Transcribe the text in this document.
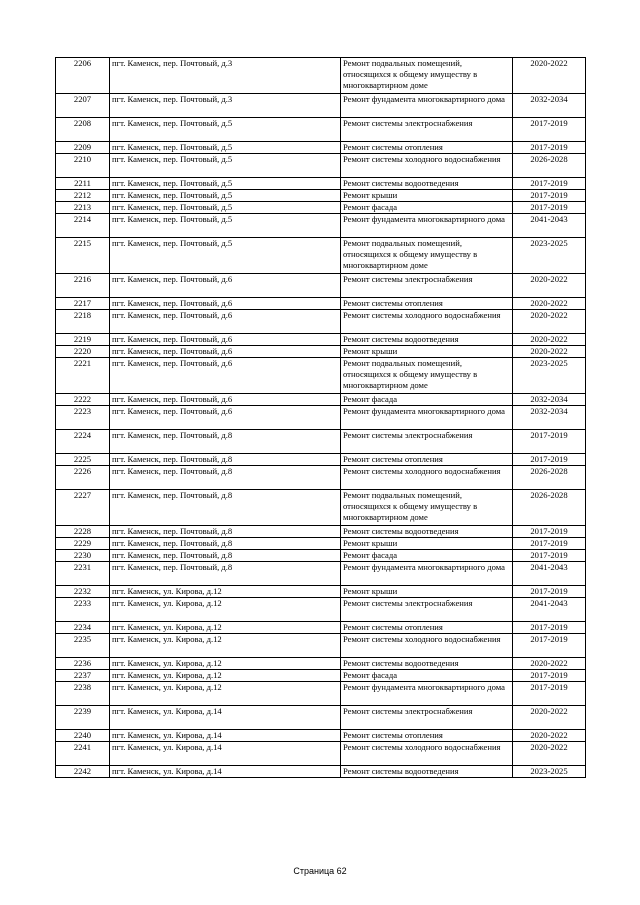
2206	пгт. Каменск, пер. Почтовый, д.3	Ремонт подвальных помещений, относящихся к общему имуществу в многоквартирном доме	2020-2022
2207	пгт. Каменск, пер. Почтовый, д.3	Ремонт фундамента многоквартирного дома	2032-2034
2208	пгт. Каменск, пер. Почтовый, д.5	Ремонт системы электроснабжения	2017-2019
2209	пгт. Каменск, пер. Почтовый, д.5	Ремонт системы отопления	2017-2019
2210	пгт. Каменск, пер. Почтовый, д.5	Ремонт системы холодного водоснабжения	2026-2028
2211	пгт. Каменск, пер. Почтовый, д.5	Ремонт системы водоотведения	2017-2019
2212	пгт. Каменск, пер. Почтовый, д.5	Ремонт крыши	2017-2019
2213	пгт. Каменск, пер. Почтовый, д.5	Ремонт фасада	2017-2019
2214	пгт. Каменск, пер. Почтовый, д.5	Ремонт фундамента многоквартирного дома	2041-2043
2215	пгт. Каменск, пер. Почтовый, д.5	Ремонт подвальных помещений, относящихся к общему имуществу в многоквартирном доме	2023-2025
2216	пгт. Каменск, пер. Почтовый, д.6	Ремонт системы электроснабжения	2020-2022
2217	пгт. Каменск, пер. Почтовый, д.6	Ремонт системы отопления	2020-2022
2218	пгт. Каменск, пер. Почтовый, д.6	Ремонт системы холодного водоснабжения	2020-2022
2219	пгт. Каменск, пер. Почтовый, д.6	Ремонт системы водоотведения	2020-2022
2220	пгт. Каменск, пер. Почтовый, д.6	Ремонт крыши	2020-2022
2221	пгт. Каменск, пер. Почтовый, д.6	Ремонт подвальных помещений, относящихся к общему имуществу в многоквартирном доме	2023-2025
2222	пгт. Каменск, пер. Почтовый, д.6	Ремонт фасада	2032-2034
2223	пгт. Каменск, пер. Почтовый, д.6	Ремонт фундамента многоквартирного дома	2032-2034
2224	пгт. Каменск, пер. Почтовый, д.8	Ремонт системы электроснабжения	2017-2019
2225	пгт. Каменск, пер. Почтовый, д.8	Ремонт системы отопления	2017-2019
2226	пгт. Каменск, пер. Почтовый, д.8	Ремонт системы холодного водоснабжения	2026-2028
2227	пгт. Каменск, пер. Почтовый, д.8	Ремонт подвальных помещений, относящихся к общему имуществу в многоквартирном доме	2026-2028
2228	пгт. Каменск, пер. Почтовый, д.8	Ремонт системы водоотведения	2017-2019
2229	пгт. Каменск, пер. Почтовый, д.8	Ремонт крыши	2017-2019
2230	пгт. Каменск, пер. Почтовый, д.8	Ремонт фасада	2017-2019
2231	пгт. Каменск, пер. Почтовый, д.8	Ремонт фундамента многоквартирного дома	2041-2043
2232	пгт. Каменск, ул. Кирова, д.12	Ремонт крыши	2017-2019
2233	пгт. Каменск, ул. Кирова, д.12	Ремонт системы электроснабжения	2041-2043
2234	пгт. Каменск, ул. Кирова, д.12	Ремонт системы отопления	2017-2019
2235	пгт. Каменск, ул. Кирова, д.12	Ремонт системы холодного водоснабжения	2017-2019
2236	пгт. Каменск, ул. Кирова, д.12	Ремонт системы водоотведения	2020-2022
2237	пгт. Каменск, ул. Кирова, д.12	Ремонт фасада	2017-2019
2238	пгт. Каменск, ул. Кирова, д.12	Ремонт фундамента многоквартирного дома	2017-2019
2239	пгт. Каменск, ул. Кирова, д.14	Ремонт системы электроснабжения	2020-2022
2240	пгт. Каменск, ул. Кирова, д.14	Ремонт системы отопления	2020-2022
2241	пгт. Каменск, ул. Кирова, д.14	Ремонт системы холодного водоснабжения	2020-2022
2242	пгт. Каменск, ул. Кирова, д.14	Ремонт системы водоотведения	2023-2025
Страница 62
